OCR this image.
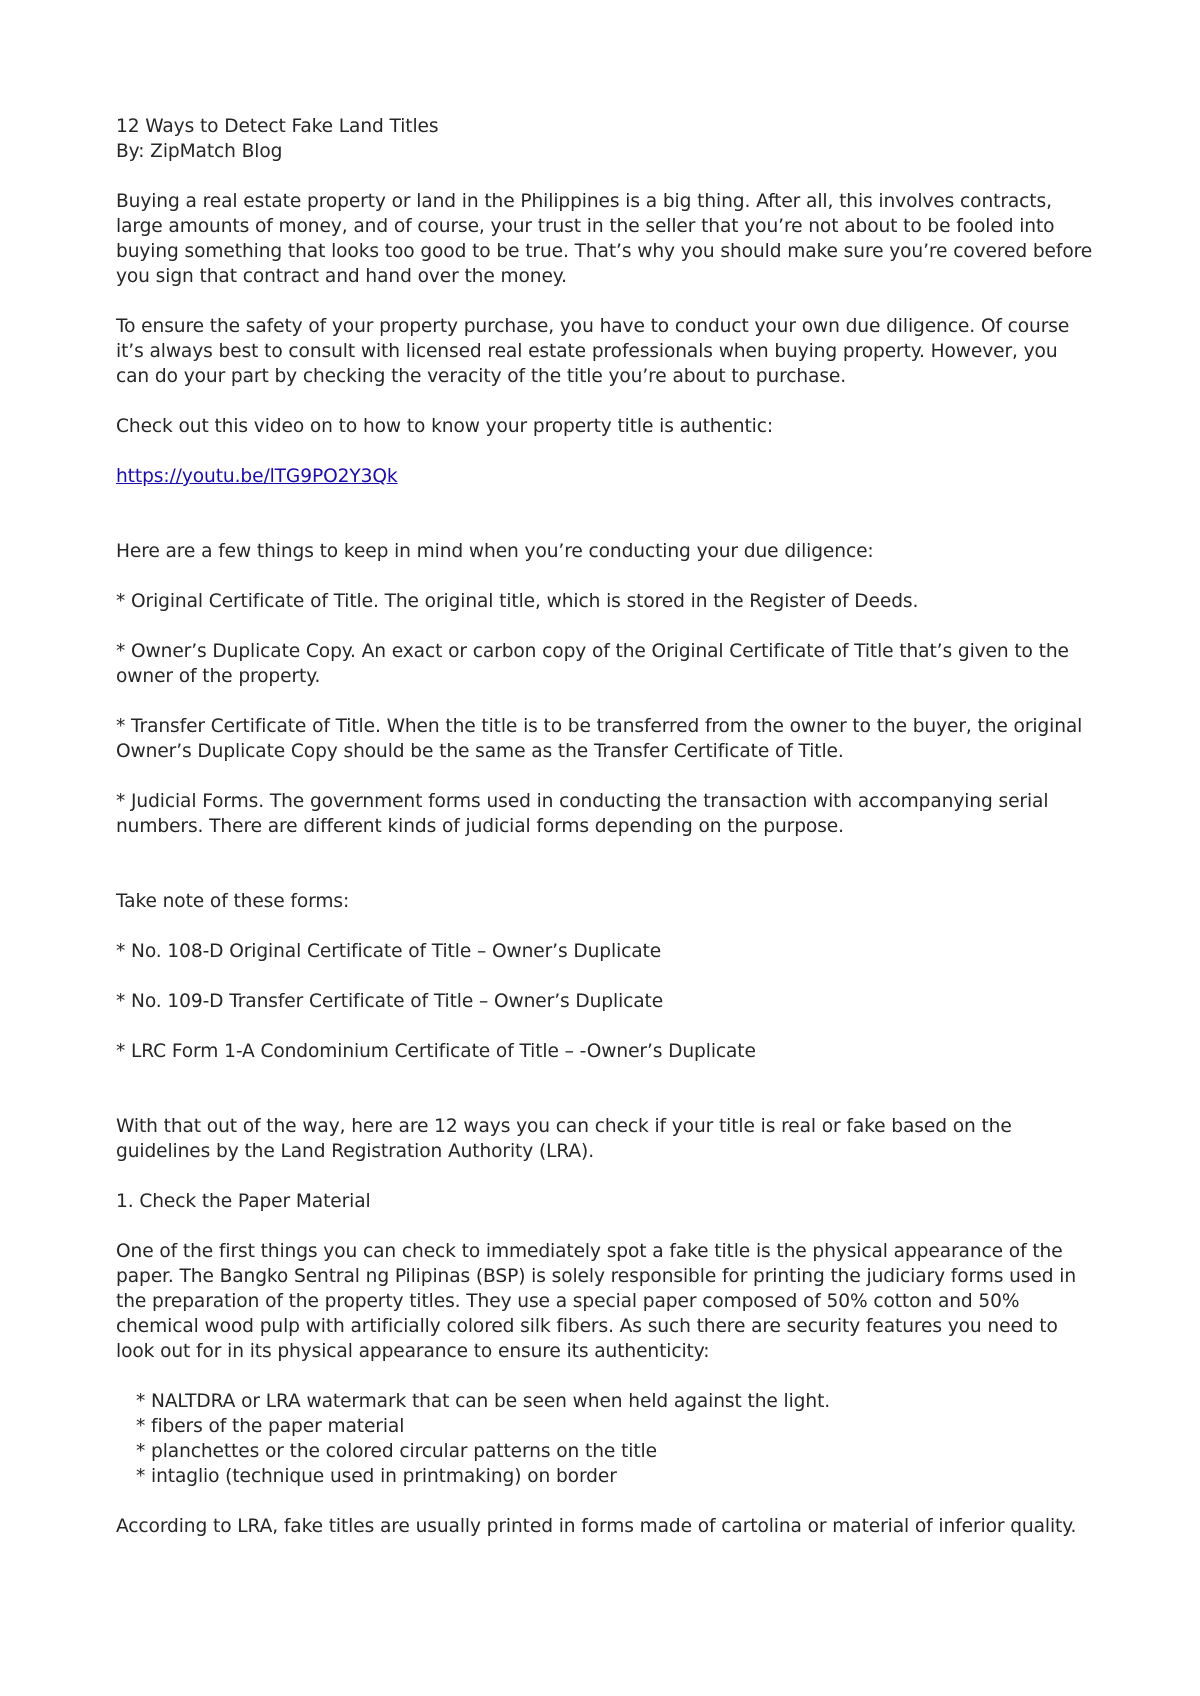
12 Ways to Detect Fake Land Titles

By: ZipMatch Blog

Buying a real estate property or land in the Philippines is a big thing. After all, this involves contracts, large amounts of money, and of course, your trust in the seller that you’re not about to be fooled into buying something that looks too good to be true. That’s why you should make sure you’re covered before you sign that contract and hand over the money.

To ensure the safety of your property purchase, you have to conduct your own due diligence. Of course it’s always best to consult with licensed real estate professionals when buying property. However, you can do your part by checking the veracity of the title you’re about to purchase.

Check out this video on to how to know your property title is authentic:

https://youtu.be/lTG9PO2Y3Qk

Here are a few things to keep in mind when you’re conducting your due diligence:

* Original Certificate of Title. The original title, which is stored in the Register of Deeds.

* Owner’s Duplicate Copy. An exact or carbon copy of the Original Certificate of Title that’s given to the owner of the property.

* Transfer Certificate of Title. When the title is to be transferred from the owner to the buyer, the original Owner’s Duplicate Copy should be the same as the Transfer Certificate of Title.

* Judicial Forms. The government forms used in conducting the transaction with accompanying serial numbers. There are different kinds of judicial forms depending on the purpose.

Take note of these forms:

* No. 108-D Original Certificate of Title – Owner’s Duplicate

* No. 109-D Transfer Certificate of Title – Owner’s Duplicate

* LRC Form 1-A Condominium Certificate of Title – -Owner’s Duplicate

With that out of the way, here are 12 ways you can check if your title is real or fake based on the guidelines by the Land Registration Authority (LRA).

1. Check the Paper Material

One of the first things you can check to immediately spot a fake title is the physical appearance of the paper. The Bangko Sentral ng Pilipinas (BSP) is solely responsible for printing the judiciary forms used in the preparation of the property titles. They use a special paper composed of 50% cotton and 50% chemical wood pulp with artificially colored silk fibers. As such there are security features you need to look out for in its physical appearance to ensure its authenticity:

* NALTDRA or LRA watermark that can be seen when held against the light.

* fibers of the paper material

* planchettes or the colored circular patterns on the title

* intaglio (technique used in printmaking) on border

According to LRA, fake titles are usually printed in forms made of cartolina or material of inferior quality.
